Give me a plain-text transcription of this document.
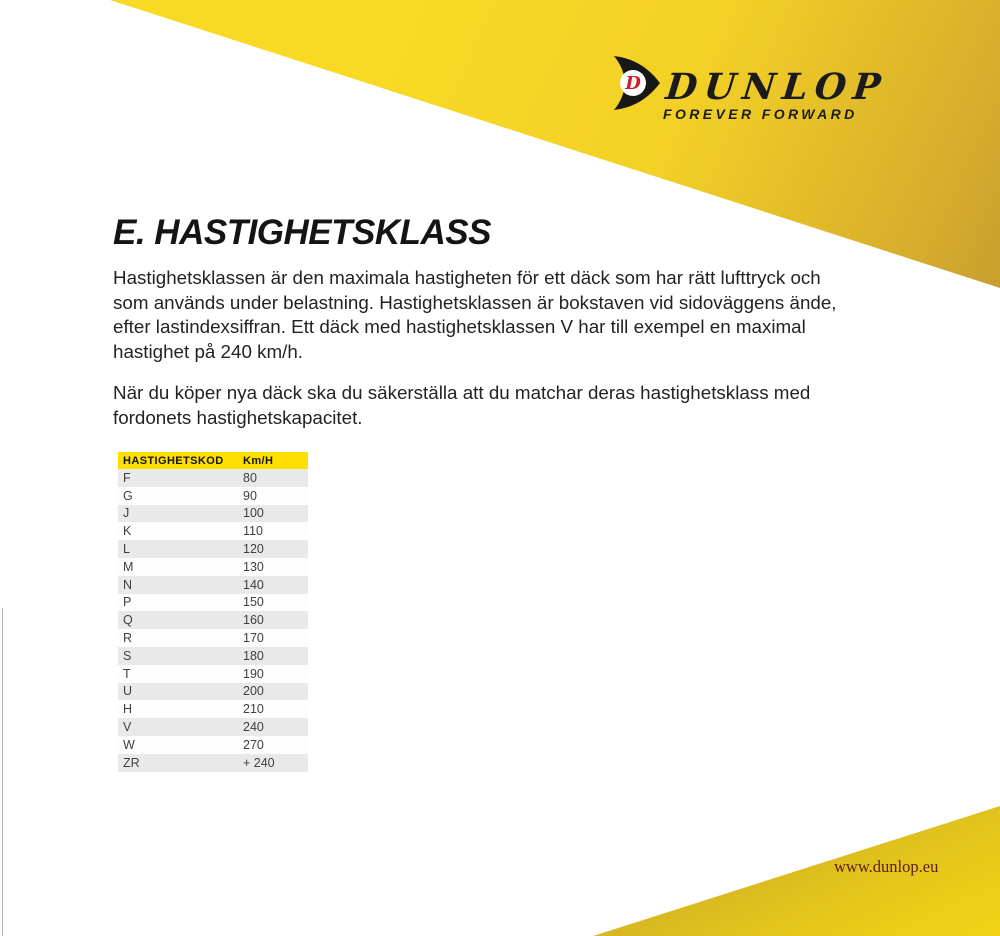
D DUNLOP
FOREVER FORWARD
E. HASTIGHETSKLASS
Hastighetsklassen är den maximala hastigheten för ett däck som har rätt lufttryck och
som används under belastning. Hastighetsklassen är bokstaven vid sidoväggens ände,
efter lastindexsiffran. Ett däck med hastighetsklassen V har till exempel en maximal
hastighet på 240 km/h.
När du köper nya däck ska du säkerställa att du matchar deras hastighetsklass med
fordonets hastighetskapacitet.
HASTIGHETSKOD	Km/H
F	80
G	90
J	100
K	110
L	120
M	130
N	140
P	150
Q	160
R	170
S	180
T	190
U	200
H	210
V	240
W	270
ZR	+ 240
www.dunlop.eu
